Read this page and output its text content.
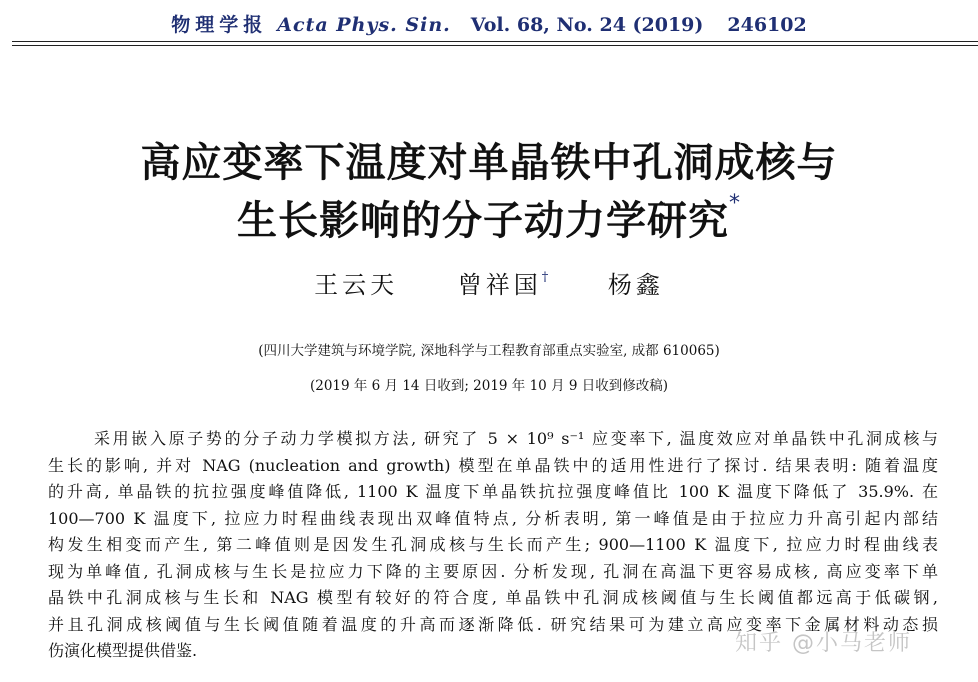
物理学报 Acta Phys. Sin. Vol. 68, No. 24 (2019) 246102
高应变率下温度对单晶铁中孔洞成核与
生长影响的分子动力学研究*
王云天 曾祥国† 杨鑫
(四川大学建筑与环境学院, 深地科学与工程教育部重点实验室, 成都 610065)
(2019 年 6 月 14 日收到; 2019 年 10 月 9 日收到修改稿)
采用嵌入原子势的分子动力学模拟方法, 研究了 5 × 10⁹ s⁻¹ 应变率下, 温度效应对单晶铁中孔洞成核与
生长的影响, 并对 NAG (nucleation and growth) 模型在单晶铁中的适用性进行了探讨. 结果表明: 随着温度
的升高, 单晶铁的抗拉强度峰值降低, 1100 K 温度下单晶铁抗拉强度峰值比 100 K 温度下降低了 35.9%. 在
100—700 K 温度下, 拉应力时程曲线表现出双峰值特点, 分析表明, 第一峰值是由于拉应力升高引起内部结
构发生相变而产生, 第二峰值则是因发生孔洞成核与生长而产生; 900—1100 K 温度下, 拉应力时程曲线表
现为单峰值, 孔洞成核与生长是拉应力下降的主要原因. 分析发现, 孔洞在高温下更容易成核, 高应变率下单
晶铁中孔洞成核与生长和 NAG 模型有较好的符合度, 单晶铁中孔洞成核阈值与生长阈值都远高于低碳钢,
并且孔洞成核阈值与生长阈值随着温度的升高而逐渐降低. 研究结果可为建立高应变率下金属材料动态损
伤演化模型提供借鉴.	知乎 @小马老师
